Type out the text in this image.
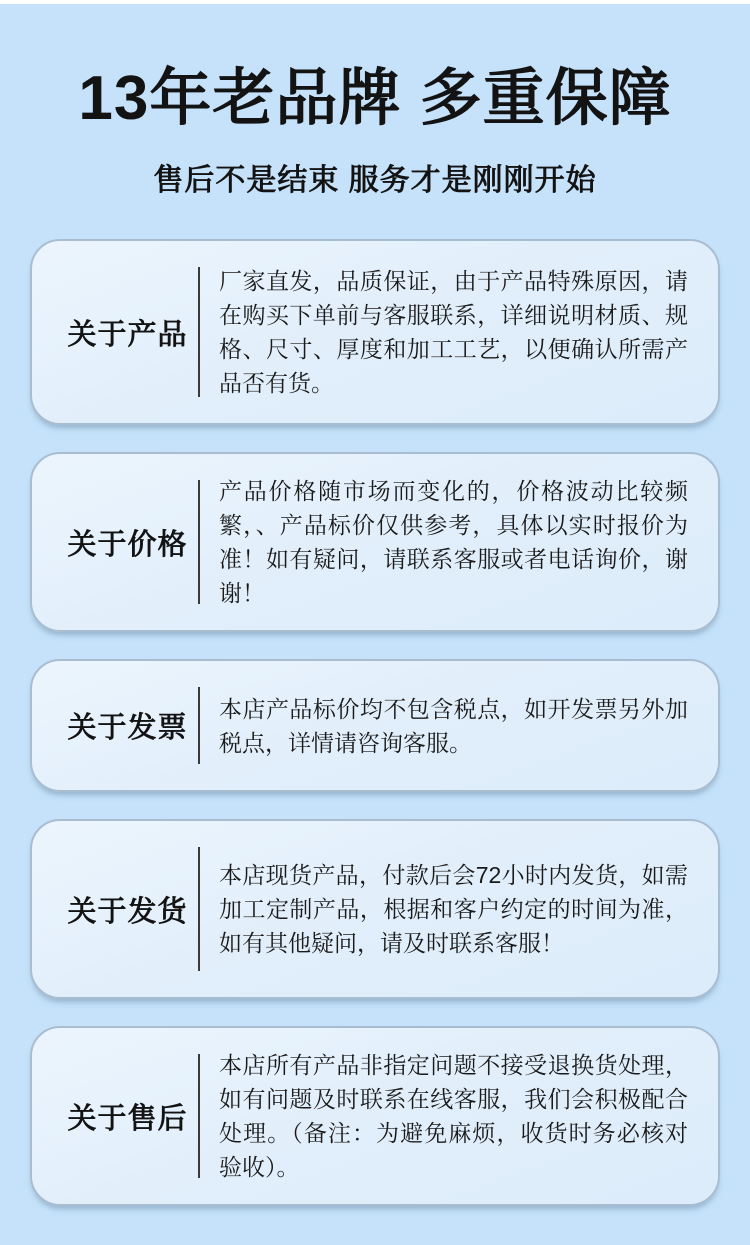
13年老品牌 多重保障
售后不是结束 服务才是刚刚开始
关于产品
厂家直发，品质保证，由于产品特殊原因，请在购买下单前与客服联系，详细说明材质、规格、尺寸、厚度和加工工艺，以便确认所需产品否有货。
关于价格
产品价格随市场而变化的，价格波动比较频繁，、产品标价仅供参考，具体以实时报价为准！如有疑问，请联系客服或者电话询价，谢谢！
关于发票
本店产品标价均不包含税点，如开发票另外加税点，详情请咨询客服。
关于发货
本店现货产品，付款后会72小时内发货，如需加工定制产品，根据和客户约定的时间为准，如有其他疑问，请及时联系客服！
关于售后
本店所有产品非指定问题不接受退换货处理，如有问题及时联系在线客服，我们会积极配合处理。（备注：为避免麻烦，收货时务必核对验收）。
